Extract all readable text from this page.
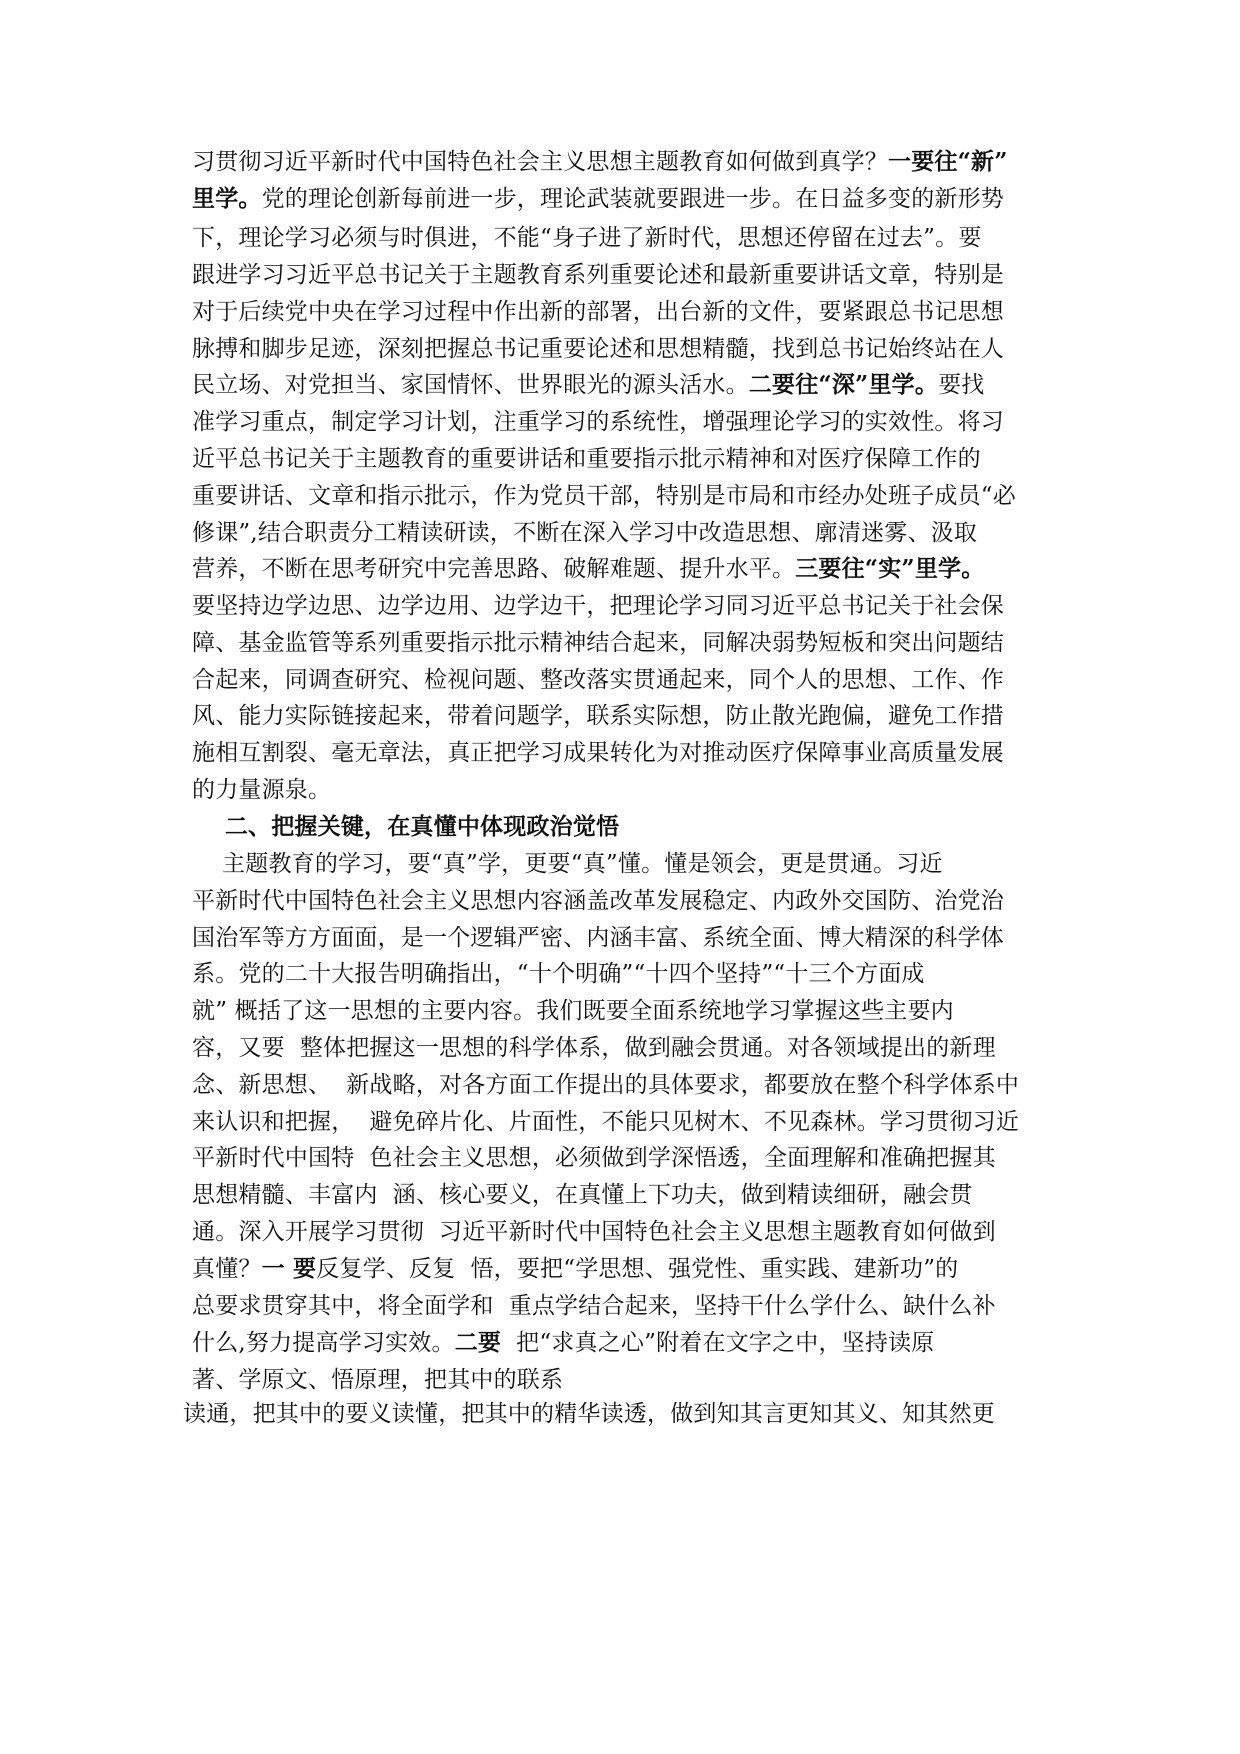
习贯彻习近平新时代中国特色社会主义思想主题教育如何做到真学？一要往“新”
里学。党的理论创新每前进一步，理论武装就要跟进一步。在日益多变的新形势
下，理论学习必须与时俱进，不能“身子进了新时代，思想还停留在过去”。要
跟进学习习近平总书记关于主题教育系列重要论述和最新重要讲话文章，特别是
对于后续党中央在学习过程中作出新的部署，出台新的文件，要紧跟总书记思想
脉搏和脚步足迹，深刻把握总书记重要论述和思想精髓，找到总书记始终站在人
民立场、对党担当、家国情怀、世界眼光的源头活水。二要往“深”里学。要找
准学习重点，制定学习计划，注重学习的系统性，增强理论学习的实效性。将习
近平总书记关于主题教育的重要讲话和重要指示批示精神和对医疗保障工作的
重要讲话、文章和指示批示，作为党员干部，特别是市局和市经办处班子成员“必
修课”,结合职责分工精读研读，不断在深入学习中改造思想、廓清迷雾、汲取
营养，不断在思考研究中完善思路、破解难题、提升水平。三要往“实”里学。
要坚持边学边思、边学边用、边学边干，把理论学习同习近平总书记关于社会保
障、基金监管等系列重要指示批示精神结合起来，同解决弱势短板和突出问题结
合起来，同调查研究、检视问题、整改落实贯通起来，同个人的思想、工作、作
风、能力实际链接起来，带着问题学，联系实际想，防止散光跑偏，避免工作措
施相互割裂、毫无章法，真正把学习成果转化为对推动医疗保障事业高质量发展
的力量源泉。
二、把握关键，在真懂中体现政治觉悟
主题教育的学习，要“真”学，更要“真”懂。懂是领会，更是贯通。习近
平新时代中国特色社会主义思想内容涵盖改革发展稳定、内政外交国防、治党治
国治军等方方面面，是一个逻辑严密、内涵丰富、系统全面、博大精深的科学体
系。党的二十大报告明确指出，“十个明确”“十四个坚持”“十三个方面成
就” 概括了这一思想的主要内容。我们既要全面系统地学习掌握这些主要内
容，又要  整体把握这一思想的科学体系，做到融会贯通。对各领域提出的新理
念、新思想、  新战略，对各方面工作提出的具体要求，都要放在整个科学体系中
来认识和把握，  避免碎片化、片面性，不能只见树木、不见森林。学习贯彻习近
平新时代中国特  色社会主义思想，必须做到学深悟透，全面理解和准确把握其
思想精髓、丰富内  涵、核心要义，在真懂上下功夫，做到精读细研，融会贯
通。深入开展学习贯彻  习近平新时代中国特色社会主义思想主题教育如何做到
真懂？一 要反复学、反复  悟，要把“学思想、强党性、重实践、建新功”的
总要求贯穿其中，将全面学和  重点学结合起来，坚持干什么学什么、缺什么补
什么,努力提高学习实效。二要  把“求真之心”附着在文字之中，坚持读原
著、学原文、悟原理，把其中的联系
读通，把其中的要义读懂，把其中的精华读透，做到知其言更知其义、知其然更
